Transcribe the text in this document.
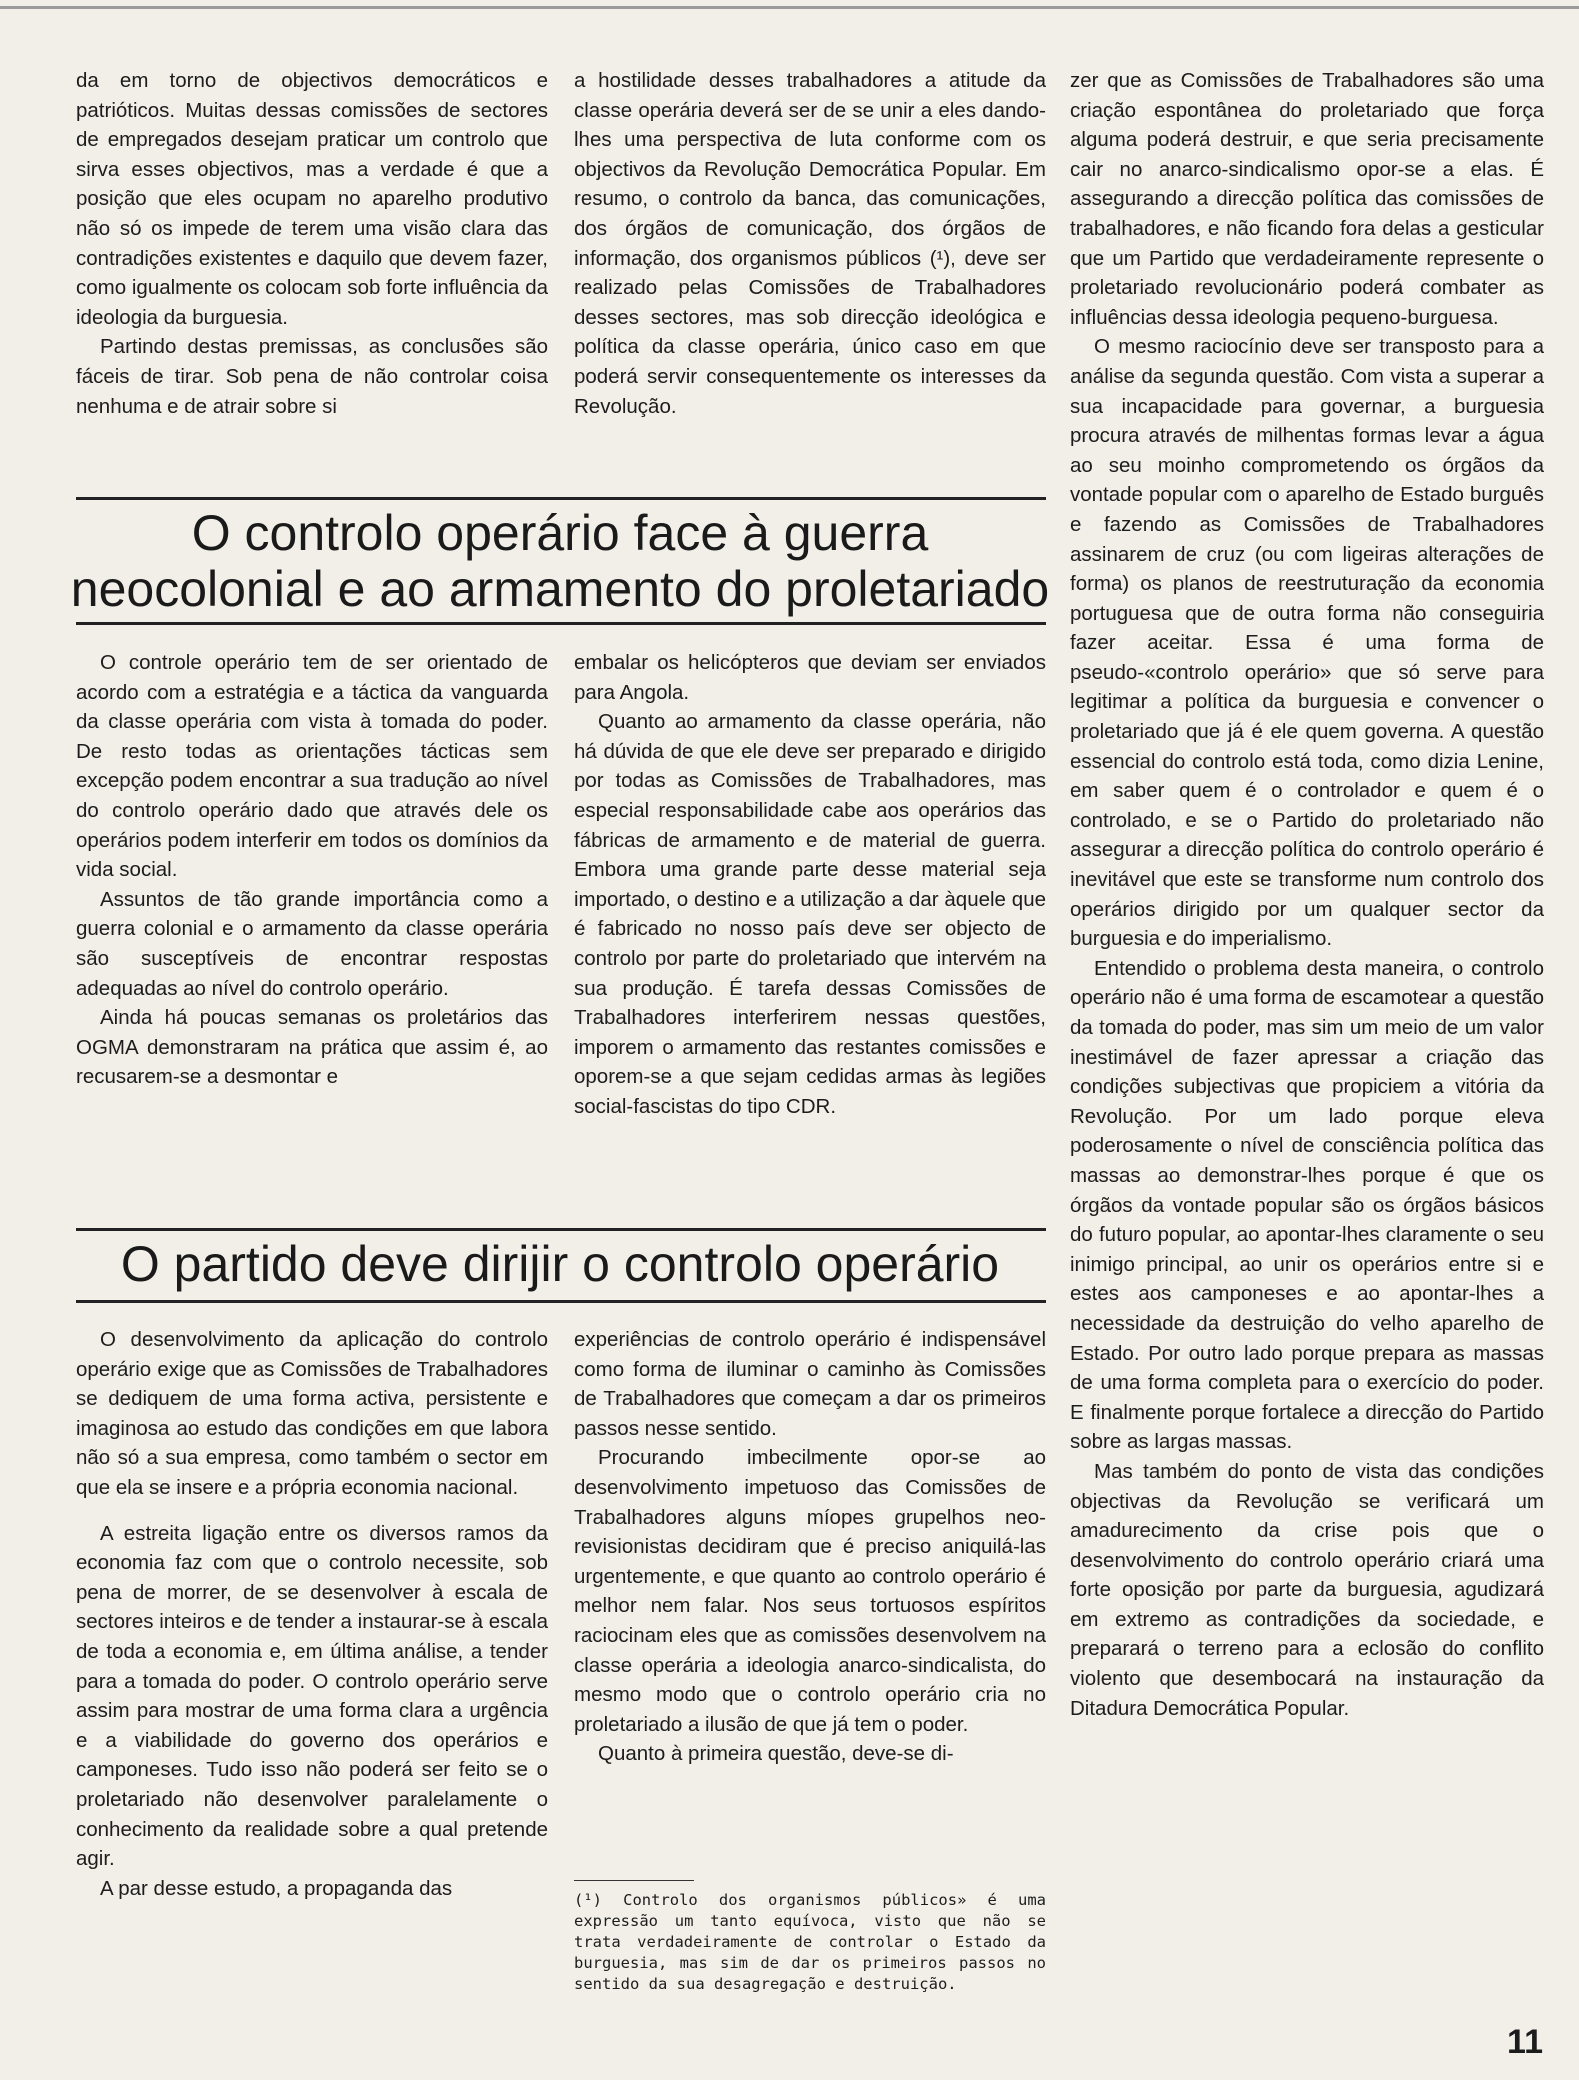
da em torno de objectivos democráticos e patrióticos. Muitas dessas comissões de sectores de empregados desejam praticar um controlo que sirva esses objectivos, mas a verdade é que a posição que eles ocupam no aparelho produtivo não só os impede de terem uma visão clara das contradições existentes e daquilo que devem fazer, como igualmente os colocam sob forte influência da ideologia da burguesia.

Partindo destas premissas, as conclusões são fáceis de tirar. Sob pena de não controlar coisa nenhuma e de atrair sobre si

a hostilidade desses trabalhadores a atitude da classe operária deverá ser de se unir a eles dando-lhes uma perspectiva de luta conforme com os objectivos da Revolução Democrática Popular. Em resumo, o controlo da banca, das comunicações, dos órgãos de comunicação, dos órgãos de informação, dos organismos públicos (¹), deve ser realizado pelas Comissões de Trabalhadores desses sectores, mas sob direcção ideológica e política da classe operária, único caso em que poderá servir consequentemente os interesses da Revolução.

O controlo operário face à guerra neocolonial e ao armamento do proletariado

O controle operário tem de ser orientado de acordo com a estratégia e a táctica da vanguarda da classe operária com vista à tomada do poder. De resto todas as orientações tácticas sem excepção podem encontrar a sua tradução ao nível do controlo operário dado que através dele os operários podem interferir em todos os domínios da vida social.

Assuntos de tão grande importância como a guerra colonial e o armamento da classe operária são susceptíveis de encontrar respostas adequadas ao nível do controlo operário.

Ainda há poucas semanas os proletários das OGMA demonstraram na prática que assim é, ao recusarem-se a desmontar e

embalar os helicópteros que deviam ser enviados para Angola.

Quanto ao armamento da classe operária, não há dúvida de que ele deve ser preparado e dirigido por todas as Comissões de Trabalhadores, mas especial responsabilidade cabe aos operários das fábricas de armamento e de material de guerra. Embora uma grande parte desse material seja importado, o destino e a utilização a dar àquele que é fabricado no nosso país deve ser objecto de controlo por parte do proletariado que intervém na sua produção. É tarefa dessas Comissões de Trabalhadores interferirem nessas questões, imporem o armamento das restantes comissões e oporem-se a que sejam cedidas armas às legiões social-fascistas do tipo CDR.

O partido deve dirijir o controlo operário

O desenvolvimento da aplicação do controlo operário exige que as Comissões de Trabalhadores se dediquem de uma forma activa, persistente e imaginosa ao estudo das condições em que labora não só a sua empresa, como também o sector em que ela se insere e a própria economia nacional.

A estreita ligação entre os diversos ramos da economia faz com que o controlo necessite, sob pena de morrer, de se desenvolver à escala de sectores inteiros e de tender a instaurar-se à escala de toda a economia e, em última análise, a tender para a tomada do poder. O controlo operário serve assim para mostrar de uma forma clara a urgência e a viabilidade do governo dos operários e camponeses. Tudo isso não poderá ser feito se o proletariado não desenvolver paralelamente o conhecimento da realidade sobre a qual pretende agir.

A par desse estudo, a propaganda das

experiências de controlo operário é indispensável como forma de iluminar o caminho às Comissões de Trabalhadores que começam a dar os primeiros passos nesse sentido.

Procurando imbecilmente opor-se ao desenvolvimento impetuoso das Comissões de Trabalhadores alguns míopes grupelhos neo-revisionistas decidiram que é preciso aniquilá-las urgentemente, e que quanto ao controlo operário é melhor nem falar. Nos seus tortuosos espíritos raciocinam eles que as comissões desenvolvem na classe operária a ideologia anarco-sindicalista, do mesmo modo que o controlo operário cria no proletariado a ilusão de que já tem o poder.

Quanto à primeira questão, deve-se di-

(¹) Controlo dos organismos públicos» é uma expressão um tanto equívoca, visto que não se trata verdadeiramente de controlar o Estado da burguesia, mas sim de dar os primeiros passos no sentido da sua desagregação e destruição.

zer que as Comissões de Trabalhadores são uma criação espontânea do proletariado que força alguma poderá destruir, e que seria precisamente cair no anarco-sindicalismo opor-se a elas. É assegurando a direcção política das comissões de trabalhadores, e não ficando fora delas a gesticular que um Partido que verdadeiramente represente o proletariado revolucionário poderá combater as influências dessa ideologia pequeno-burguesa.

O mesmo raciocínio deve ser transposto para a análise da segunda questão. Com vista a superar a sua incapacidade para governar, a burguesia procura através de milhentas formas levar a água ao seu moinho comprometendo os órgãos da vontade popular com o aparelho de Estado burguês e fazendo as Comissões de Trabalhadores assinarem de cruz (ou com ligeiras alterações de forma) os planos de reestruturação da economia portuguesa que de outra forma não conseguiria fazer aceitar. Essa é uma forma de pseudo-«controlo operário» que só serve para legitimar a política da burguesia e convencer o proletariado que já é ele quem governa. A questão essencial do controlo está toda, como dizia Lenine, em saber quem é o controlador e quem é o controlado, e se o Partido do proletariado não assegurar a direcção política do controlo operário é inevitável que este se transforme num controlo dos operários dirigido por um qualquer sector da burguesia e do imperialismo.

Entendido o problema desta maneira, o controlo operário não é uma forma de escamotear a questão da tomada do poder, mas sim um meio de um valor inestimável de fazer apressar a criação das condições subjectivas que propiciem a vitória da Revolução. Por um lado porque eleva poderosamente o nível de consciência política das massas ao demonstrar-lhes porque é que os órgãos da vontade popular são os órgãos básicos do futuro popular, ao apontar-lhes claramente o seu inimigo principal, ao unir os operários entre si e estes aos camponeses e ao apontar-lhes a necessidade da destruição do velho aparelho de Estado. Por outro lado porque prepara as massas de uma forma completa para o exercício do poder. E finalmente porque fortalece a direcção do Partido sobre as largas massas.

Mas também do ponto de vista das condições objectivas da Revolução se verificará um amadurecimento da crise pois que o desenvolvimento do controlo operário criará uma forte oposição por parte da burguesia, agudizará em extremo as contradições da sociedade, e preparará o terreno para a eclosão do conflito violento que desembocará na instauração da Ditadura Democrática Popular.

11
